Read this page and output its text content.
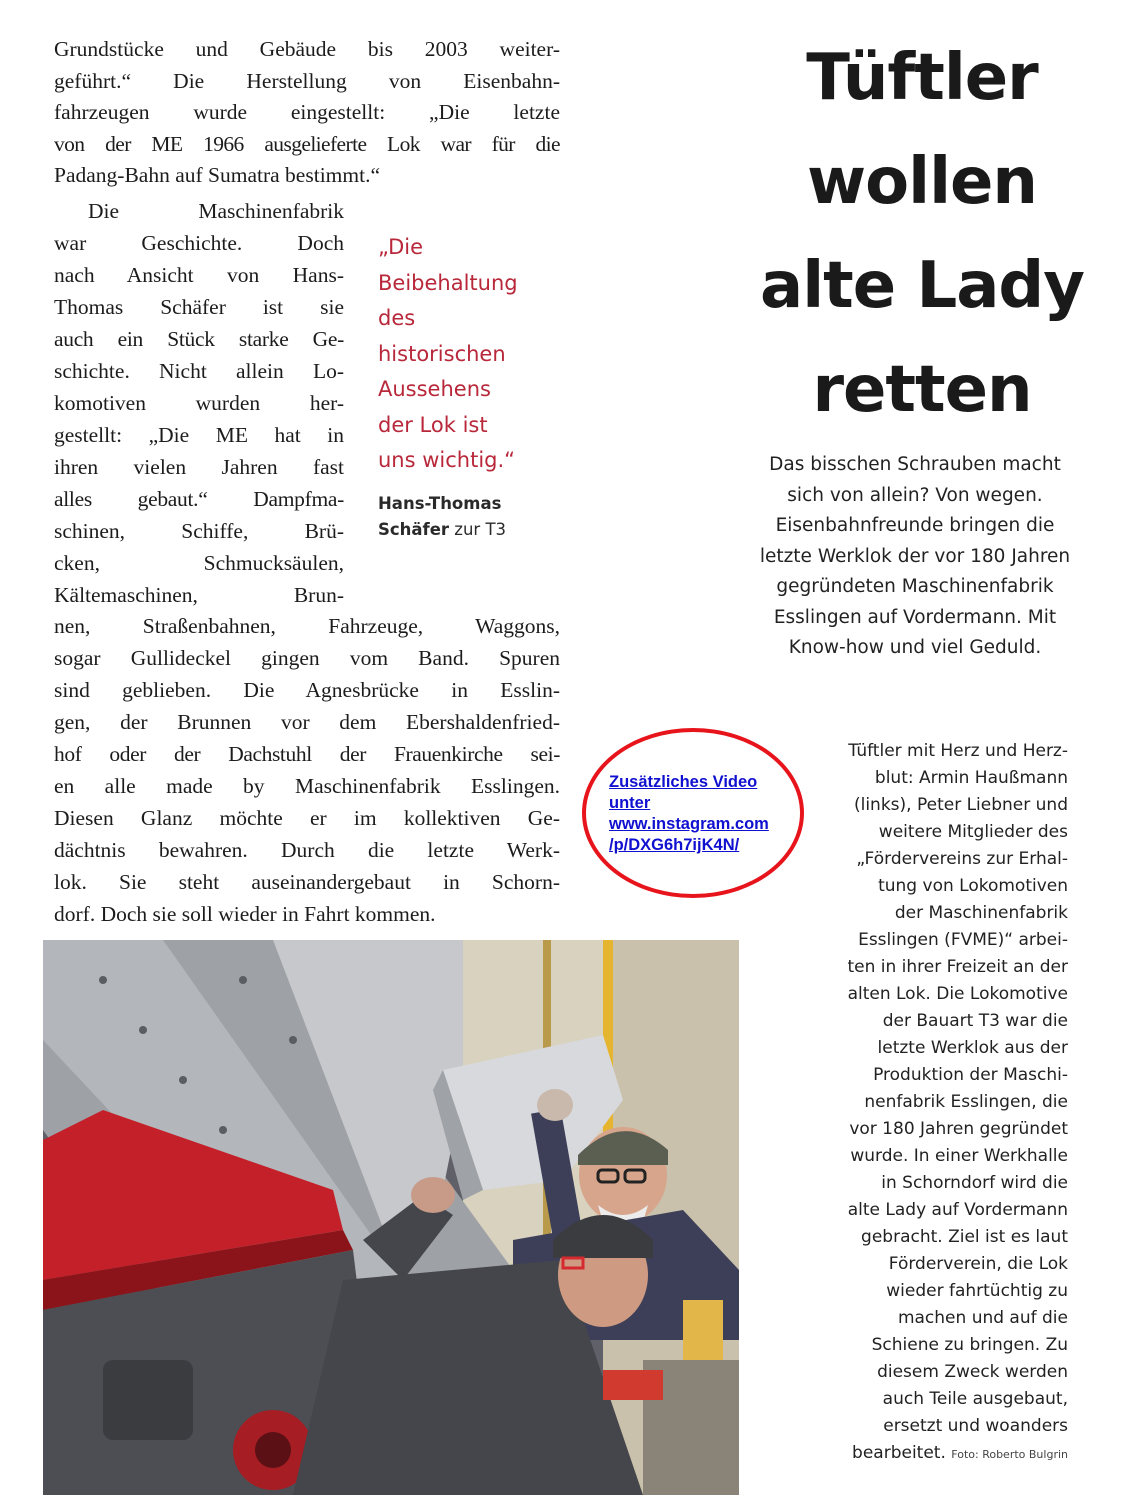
Grundstücke und Gebäude bis 2003 weiter-
geführt.“ Die Herstellung von Eisenbahn-
fahrzeugen wurde eingestellt: „Die letzte
von der ME 1966 ausgelieferte Lok war für die
Padang-Bahn auf Sumatra bestimmt.“
Die Maschinenfabrik
war Geschichte. Doch
nach Ansicht von Hans-
Thomas Schäfer ist sie
auch ein Stück starke Ge-
schichte. Nicht allein Lo-
komotiven wurden her-
gestellt: „Die ME hat in
ihren vielen Jahren fast
alles gebaut.“ Dampfma-
schinen, Schiffe, Brü-
cken, Schmucksäulen,
Kältemaschinen, Brun-
„Die
Beibehaltung
des
historischen
Aussehens
der Lok ist
uns wichtig.“
Hans-Thomas
Schäfer zur T3
nen, Straßenbahnen, Fahrzeuge, Waggons,
sogar Gullideckel gingen vom Band. Spuren
sind geblieben. Die Agnesbrücke in Esslin-
gen, der Brunnen vor dem Ebershaldenfried-
hof oder der Dachstuhl der Frauenkirche sei-
en alle made by Maschinenfabrik Esslingen.
Diesen Glanz möchte er im kollektiven Ge-
dächtnis bewahren. Durch die letzte Werk-
lok. Sie steht auseinandergebaut in Schorn-
dorf. Doch sie soll wieder in Fahrt kommen.
Tüftler
wollen
alte Lady
retten
Das bisschen Schrauben macht
sich von allein? Von wegen.
Eisenbahnfreunde bringen die
letzte Werklok der vor 180 Jahren
gegründeten Maschinenfabrik
Esslingen auf Vordermann. Mit
Know-how und viel Geduld.
Zusätzliches Video
unter
www.instagram.com
/p/DXG6h7ijK4N/
Tüftler mit Herz und Herz-
blut: Armin Haußmann
(links), Peter Liebner und
weitere Mitglieder des
„Fördervereins zur Erhal-
tung von Lokomotiven
der Maschinenfabrik
Esslingen (FVME)“ arbei-
ten in ihrer Freizeit an der
alten Lok. Die Lokomotive
der Bauart T3 war die
letzte Werklok aus der
Produktion der Maschi-
nenfabrik Esslingen, die
vor 180 Jahren gegründet
wurde. In einer Werkhalle
in Schorndorf wird die
alte Lady auf Vordermann
gebracht. Ziel ist es laut
Förderverein, die Lok
wieder fahrtüchtig zu
machen und auf die
Schiene zu bringen. Zu
diesem Zweck werden
auch Teile ausgebaut,
ersetzt und woanders
bearbeitet. Foto: Roberto Bulgrin
